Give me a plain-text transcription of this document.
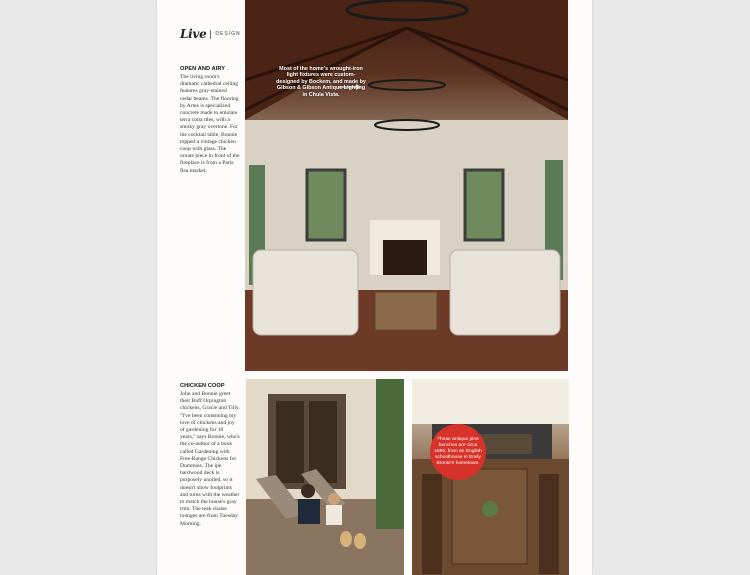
Live DESIGN
OPEN AND AIRY

The living room's dramatic cathedral ceiling features gray-stained cedar beams. The flooring by Artes is specialized concrete made to emulate terra cotta tiles, with a smoky gray overtone. For the cocktail table, Bonnie topped a vintage chicken coop with glass. The ornate piece in front of the fireplace is from a Paris flea market.

CHICKEN COOP

John and Bonnie greet their Buff Orpington chickens, Gracie and Tilly. "I've been combining my love of chickens and joy of gardening for 10 years," says Bonnie, who's the co-author of a book called Gardening with Free-Range Chickens for Dummies. The ipe hardwood deck is purposely unoiled, so it doesn't show footprints and turns with the weather to match the house's gray trim. The teak chaise lounges are from Tuesday Morning.

Most of the home's wrought-iron light fixtures were custom-designed by Bockem, and made by Gibson & Gibson Antique Lighting in Chula Vista.
These antique pine benches are circa 1850, from an English schoolhouse in Emily Bronte's hometown.
